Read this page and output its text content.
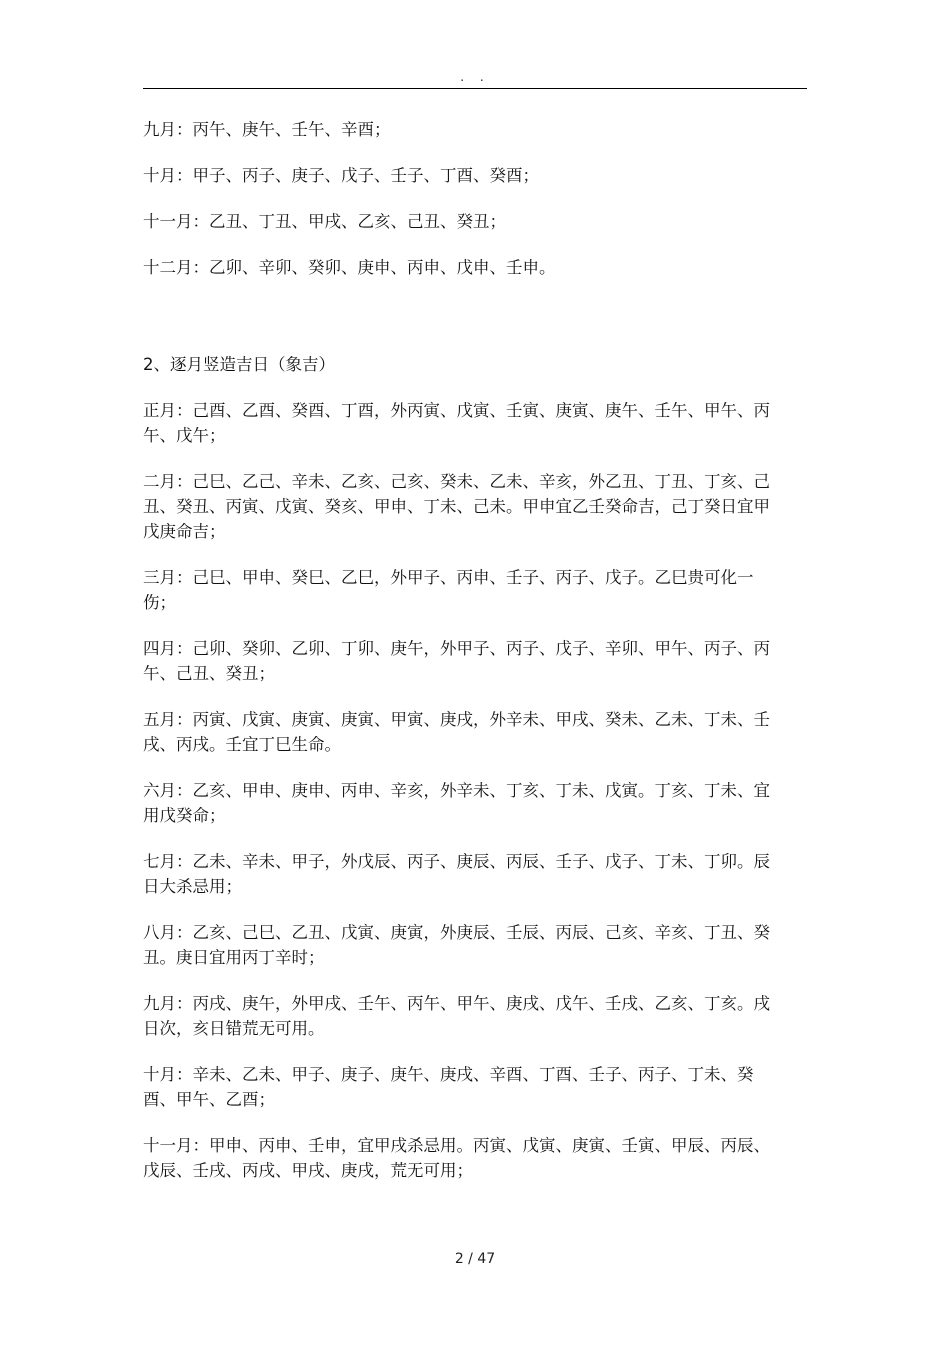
. .

九月：丙午、庚午、壬午、辛酉；

十月：甲子、丙子、庚子、戊子、壬子、丁酉、癸酉；

十一月：乙丑、丁丑、甲戌、乙亥、己丑、癸丑；

十二月：乙卯、辛卯、癸卯、庚申、丙申、戊申、壬申。

2、逐月竖造吉日（象吉）

正月：己酉、乙酉、癸酉、丁酉，外丙寅、戊寅、壬寅、庚寅、庚午、壬午、甲午、丙午、戊午；

二月：己巳、乙己、辛未、乙亥、己亥、癸未、乙未、辛亥，外乙丑、丁丑、丁亥、己丑、癸丑、丙寅、戊寅、癸亥、甲申、丁未、己未。甲申宜乙壬癸命吉，己丁癸日宜甲戊庚命吉；

三月：己巳、甲申、癸巳、乙巳，外甲子、丙申、壬子、丙子、戊子。乙巳贵可化一伤；

四月：己卯、癸卯、乙卯、丁卯、庚午，外甲子、丙子、戊子、辛卯、甲午、丙子、丙午、己丑、癸丑；

五月：丙寅、戊寅、庚寅、庚寅、甲寅、庚戌，外辛未、甲戌、癸未、乙未、丁未、壬戌、丙戌。壬宜丁巳生命。

六月：乙亥、甲申、庚申、丙申、辛亥，外辛未、丁亥、丁未、戊寅。丁亥、丁未、宜用戊癸命；

七月：乙未、辛未、甲子，外戊辰、丙子、庚辰、丙辰、壬子、戊子、丁未、丁卯。辰日大杀忌用；

八月：乙亥、己巳、乙丑、戊寅、庚寅，外庚辰、壬辰、丙辰、己亥、辛亥、丁丑、癸丑。庚日宜用丙丁辛时；

九月：丙戌、庚午，外甲戌、壬午、丙午、甲午、庚戌、戊午、壬戌、乙亥、丁亥。戌日次，亥日错荒无可用。

十月：辛未、乙未、甲子、庚子、庚午、庚戌、辛酉、丁酉、壬子、丙子、丁未、癸酉、甲午、乙酉；

十一月：甲申、丙申、壬申，宜甲戌杀忌用。丙寅、戊寅、庚寅、壬寅、甲辰、丙辰、戊辰、壬戌、丙戌、甲戌、庚戌，荒无可用；

2 / 47
